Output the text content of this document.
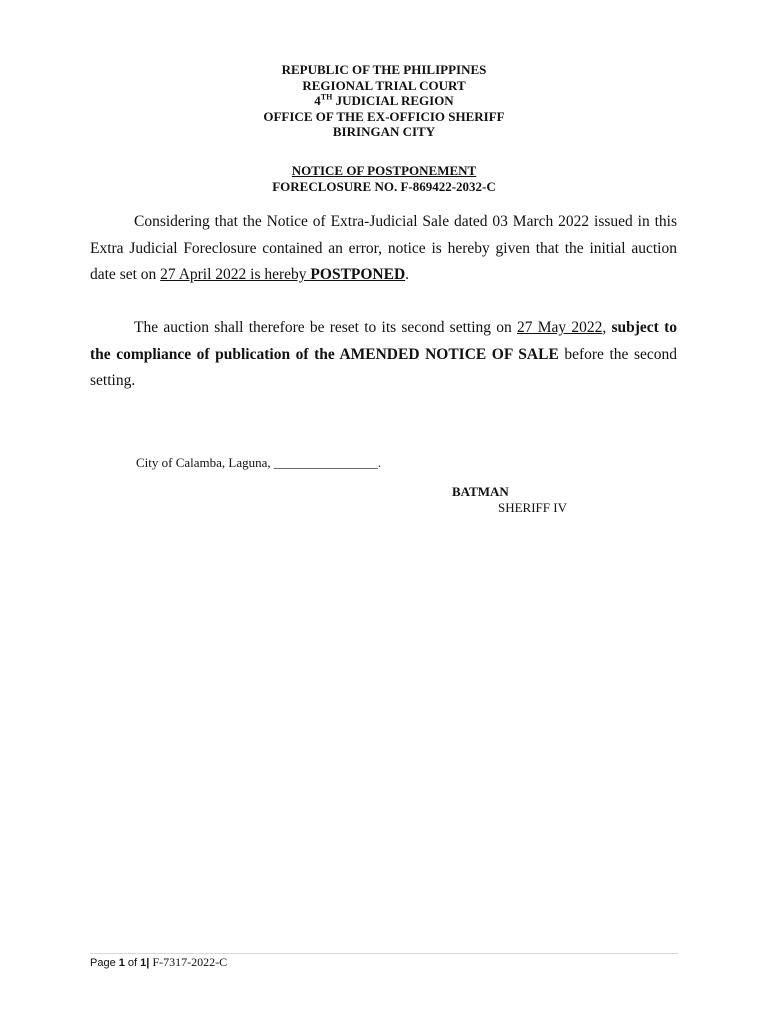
REPUBLIC OF THE PHILIPPINES
REGIONAL TRIAL COURT
4TH JUDICIAL REGION
OFFICE OF THE EX-OFFICIO SHERIFF
BIRINGAN CITY
NOTICE OF POSTPONEMENT
FORECLOSURE NO. F-869422-2032-C

Considering that the Notice of Extra-Judicial Sale dated 03 March 2022 issued in this Extra Judicial Foreclosure contained an error, notice is hereby given that the initial auction date set on 27 April 2022 is hereby POSTPONED.

The auction shall therefore be reset to its second setting on 27 May 2022, subject to the compliance of publication of the AMENDED NOTICE OF SALE before the second setting.

City of Calamba, Laguna, ________________.
BATMAN
SHERIFF IV
Page 1 of 1| F-7317-2022-C
